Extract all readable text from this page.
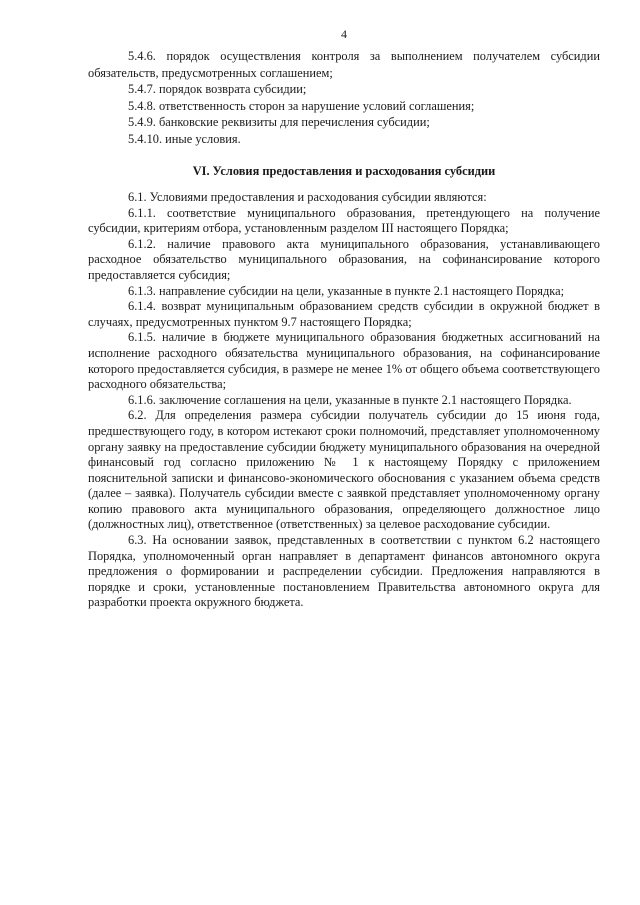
4

5.4.6. порядок осуществления контроля за выполнением получателем субсидии обязательств, предусмотренных соглашением;

5.4.7. порядок возврата субсидии;

5.4.8. ответственность сторон за нарушение условий соглашения;

5.4.9. банковские реквизиты для перечисления субсидии;

5.4.10. иные условия.

VI. Условия предоставления и расходования субсидии

6.1. Условиями предоставления и расходования субсидии являются:

6.1.1. соответствие муниципального образования, претендующего на получение субсидии, критериям отбора, установленным разделом III настоящего Порядка;

6.1.2. наличие правового акта муниципального образования, устанавливающего расходное обязательство муниципального образования, на софинансирование которого предоставляется субсидия;

6.1.3. направление субсидии на цели, указанные в пункте 2.1 настоящего Порядка;

6.1.4. возврат муниципальным образованием средств субсидии в окружной бюджет в случаях, предусмотренных пунктом 9.7 настоящего Порядка;

6.1.5. наличие в бюджете муниципального образования бюджетных ассигнований на исполнение расходного обязательства муниципального образования, на софинансирование которого предоставляется субсидия, в размере не менее 1% от общего объема соответствующего расходного обязательства;

6.1.6. заключение соглашения на цели, указанные в пункте 2.1 настоящего Порядка.

6.2. Для определения размера субсидии получатель субсидии до 15 июня года, предшествующего году, в котором истекают сроки полномочий, представляет уполномоченному органу заявку на предоставление субсидии бюджету муниципального образования на очередной финансовый год согласно приложению № 1 к настоящему Порядку с приложением пояснительной записки и финансово-экономического обоснования с указанием объема средств (далее – заявка). Получатель субсидии вместе с заявкой представляет уполномоченному органу копию правового акта муниципального образования, определяющего должностное лицо (должностных лиц), ответственное (ответственных) за целевое расходование субсидии.

6.3. На основании заявок, представленных в соответствии с пунктом 6.2 настоящего Порядка, уполномоченный орган направляет в департамент финансов автономного округа предложения о формировании и распределении субсидии. Предложения направляются в порядке и сроки, установленные постановлением Правительства автономного округа для разработки проекта окружного бюджета.
